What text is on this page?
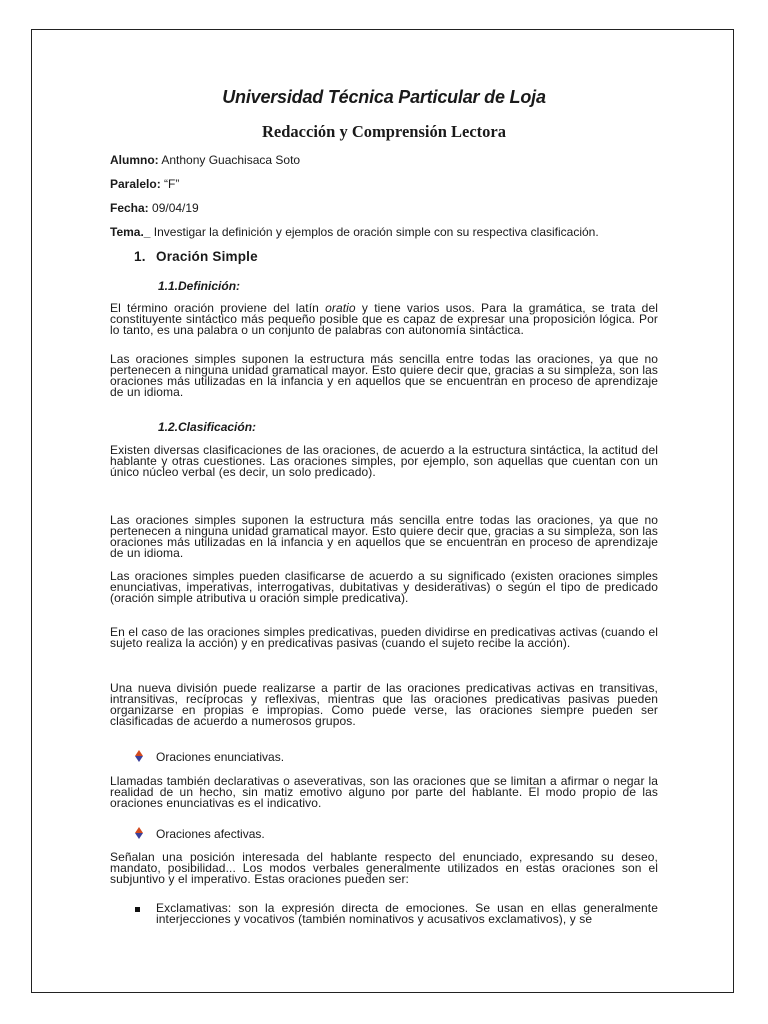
Universidad Técnica Particular de Loja
Redacción y Comprensión Lectora
Alumno: Anthony Guachisaca Soto
Paralelo: “F”
Fecha: 09/04/19
Tema._ Investigar la definición y ejemplos de oración simple con su respectiva clasificación.
1. Oración Simple
1.1.Definición:

El término oración proviene del latín oratio y tiene varios usos. Para la gramática, se trata del constituyente sintáctico más pequeño posible que es capaz de expresar una proposición lógica. Por lo tanto, es una palabra o un conjunto de palabras con autonomía sintáctica.

Las oraciones simples suponen la estructura más sencilla entre todas las oraciones, ya que no pertenecen a ninguna unidad gramatical mayor. Esto quiere decir que, gracias a su simpleza, son las oraciones más utilizadas en la infancia y en aquellos que se encuentran en proceso de aprendizaje de un idioma.

1.2.Clasificación:

Existen diversas clasificaciones de las oraciones, de acuerdo a la estructura sintáctica, la actitud del hablante y otras cuestiones. Las oraciones simples, por ejemplo, son aquellas que cuentan con un único núcleo verbal (es decir, un solo predicado).

Las oraciones simples suponen la estructura más sencilla entre todas las oraciones, ya que no pertenecen a ninguna unidad gramatical mayor. Esto quiere decir que, gracias a su simpleza, son las oraciones más utilizadas en la infancia y en aquellos que se encuentran en proceso de aprendizaje de un idioma.

Las oraciones simples pueden clasificarse de acuerdo a su significado (existen oraciones simples enunciativas, imperativas, interrogativas, dubitativas y desiderativas) o según el tipo de predicado (oración simple atributiva u oración simple predicativa).

En el caso de las oraciones simples predicativas, pueden dividirse en predicativas activas (cuando el sujeto realiza la acción) y en predicativas pasivas (cuando el sujeto recibe la acción).

Una nueva división puede realizarse a partir de las oraciones predicativas activas en transitivas, intransitivas, recíprocas y reflexivas, mientras que las oraciones predicativas pasivas pueden organizarse en propias e impropias. Como puede verse, las oraciones siempre pueden ser clasificadas de acuerdo a numerosos grupos.

Oraciones enunciativas.

Llamadas también declarativas o aseverativas, son las oraciones que se limitan a afirmar o negar la realidad de un hecho, sin matiz emotivo alguno por parte del hablante. El modo propio de las oraciones enunciativas es el indicativo.

Oraciones afectivas.

Señalan una posición interesada del hablante respecto del enunciado, expresando su deseo, mandato, posibilidad... Los modos verbales generalmente utilizados en estas oraciones son el subjuntivo y el imperativo. Estas oraciones pueden ser:

Exclamativas: son la expresión directa de emociones. Se usan en ellas generalmente interjecciones y vocativos (también nominativos y acusativos exclamativos), y se
